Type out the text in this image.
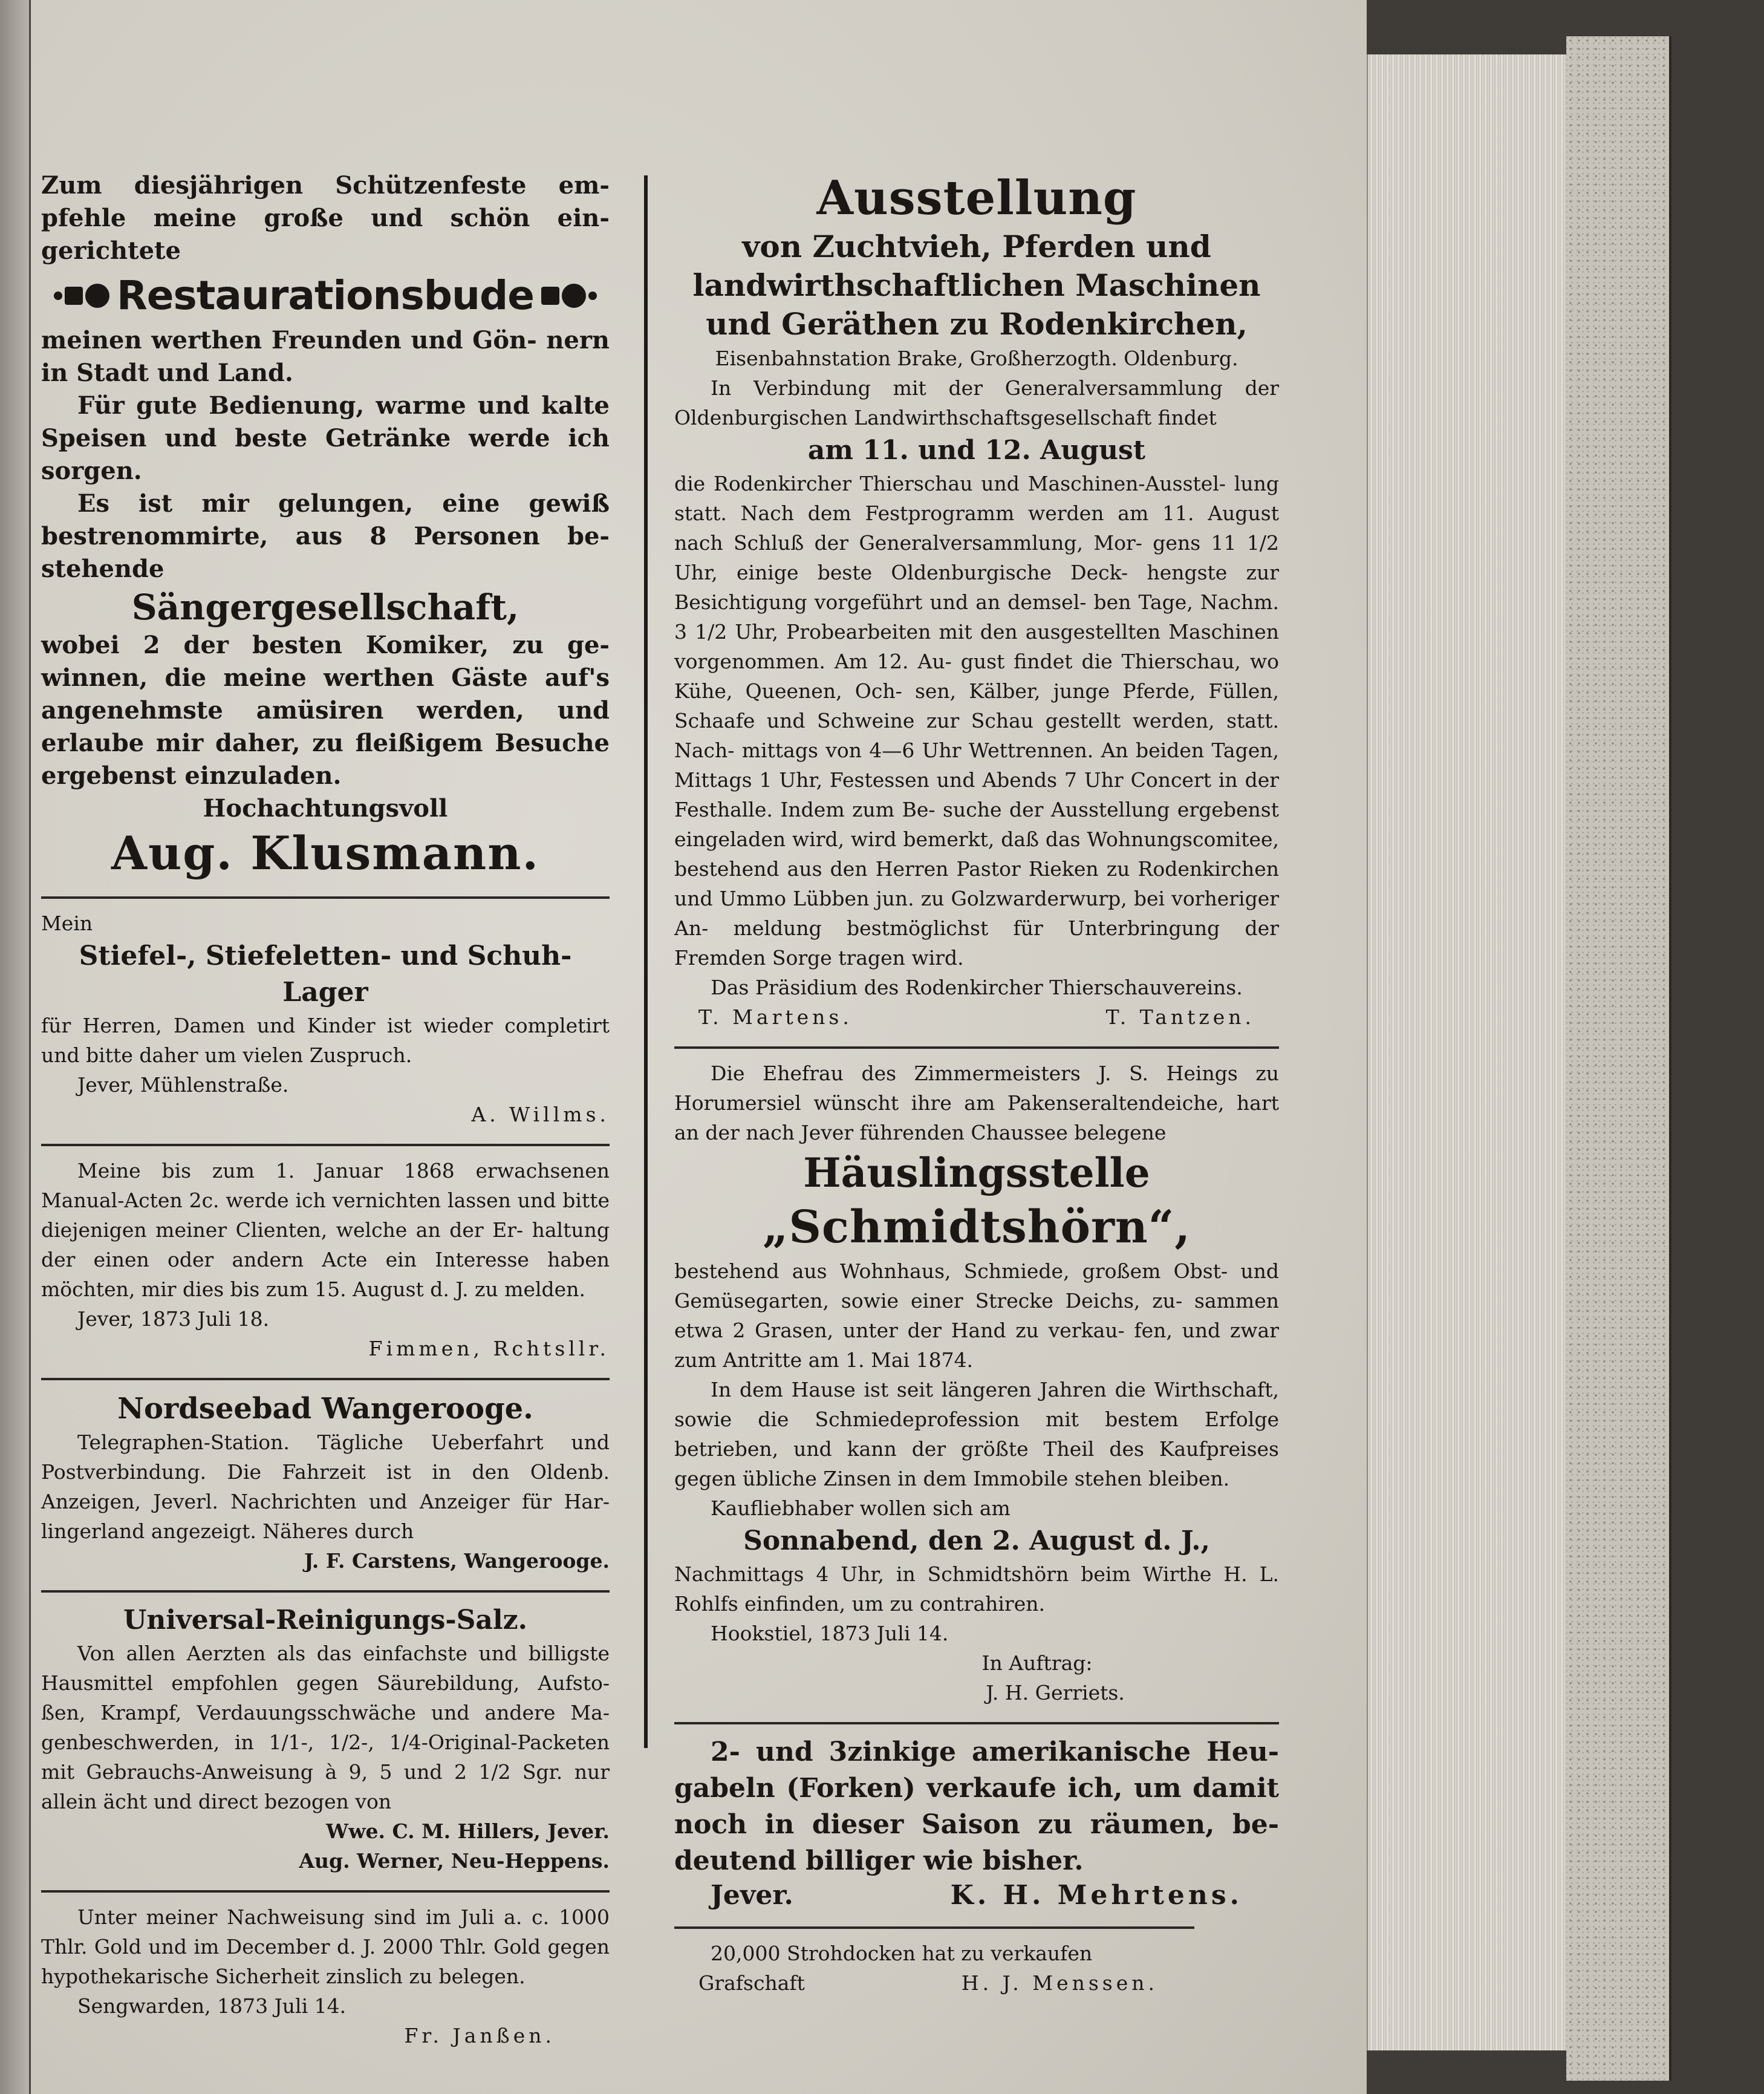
Zum diesjährigen Schützenfeste em- pfehle meine große und schön ein- gerichtete
Restaurationsbude
meinen werthen Freunden und Gön- nern in Stadt und Land.
Für gute Bedienung, warme und kalte Speisen und beste Getränke werde ich sorgen.
Es ist mir gelungen, eine gewiß bestrenommirte, aus 8 Personen be- stehende
Sängergesellschaft,
wobei 2 der besten Komiker, zu ge- winnen, die meine werthen Gäste auf's angenehmste amüsiren werden, und erlaube mir daher, zu fleißigem Besuche ergebenst einzuladen.
Hochachtungsvoll
Aug. Klusmann.
Mein
Stiefel-, Stiefeletten- und Schuh-Lager
für Herren, Damen und Kinder ist wieder completirt und bitte daher um vielen Zuspruch.
Jever, Mühlenstraße.
A. Willms.
Meine bis zum 1. Januar 1868 erwachsenen Manual-Acten 2c. werde ich vernichten lassen und bitte diejenigen meiner Clienten, welche an der Er- haltung der einen oder andern Acte ein Interesse haben möchten, mir dies bis zum 15. August d. J. zu melden.
Jever, 1873 Juli 18.
Fimmen, Rchtsllr.
Nordseebad Wangerooge.
Telegraphen-Station. Tägliche Ueberfahrt und Postverbindung. Die Fahrzeit ist in den Oldenb. Anzeigen, Jeverl. Nachrichten und Anzeiger für Har- lingerland angezeigt. Näheres durch
J. F. Carstens, Wangerooge.
Universal-Reinigungs-Salz.
Von allen Aerzten als das einfachste und billigste Hausmittel empfohlen gegen Säurebildung, Aufsto- ßen, Krampf, Verdauungsschwäche und andere Ma- genbeschwerden, in 1/1-, 1/2-, 1/4-Original-Packeten mit Gebrauchs-Anweisung à 9, 5 und 2 1/2 Sgr. nur allein ächt und direct bezogen von
Wwe. C. M. Hillers, Jever.
Aug. Werner, Neu-Heppens.
Unter meiner Nachweisung sind im Juli a. c. 1000 Thlr. Gold und im December d. J. 2000 Thlr. Gold gegen hypothekarische Sicherheit zinslich zu belegen.
Sengwarden, 1873 Juli 14.
Fr. Janßen.
Ausstellung
von Zuchtvieh, Pferden und landwirthschaftlichen Maschinen und Geräthen zu Rodenkirchen,
Eisenbahnstation Brake, Großherzogth. Oldenburg.
In Verbindung mit der Generalversammlung der Oldenburgischen Landwirthschaftsgesellschaft findet
am 11. und 12. August
die Rodenkircher Thierschau und Maschinen-Ausstel- lung statt. Nach dem Festprogramm werden am 11. August nach Schluß der Generalversammlung, Mor- gens 11 1/2 Uhr, einige beste Oldenburgische Deck- hengste zur Besichtigung vorgeführt und an demsel- ben Tage, Nachm. 3 1/2 Uhr, Probearbeiten mit den ausgestellten Maschinen vorgenommen. Am 12. Au- gust findet die Thierschau, wo Kühe, Queenen, Och- sen, Kälber, junge Pferde, Füllen, Schaafe und Schweine zur Schau gestellt werden, statt. Nach- mittags von 4—6 Uhr Wettrennen. An beiden Tagen, Mittags 1 Uhr, Festessen und Abends 7 Uhr Concert in der Festhalle. Indem zum Be- suche der Ausstellung ergebenst eingeladen wird, wird bemerkt, daß das Wohnungscomitee, bestehend aus den Herren Pastor Rieken zu Rodenkirchen und Ummo Lübben jun. zu Golzwarderwurp, bei vorheriger An- meldung bestmöglichst für Unterbringung der Fremden Sorge tragen wird.
Das Präsidium des Rodenkircher Thierschauvereins.
T. Martens.	T. Tantzen.
Die Ehefrau des Zimmermeisters J. S. Heings zu Horumersiel wünscht ihre am Pakenseraltendeiche, hart an der nach Jever führenden Chaussee belegene
Häuslingsstelle
„Schmidtshörn“,
bestehend aus Wohnhaus, Schmiede, großem Obst- und Gemüsegarten, sowie einer Strecke Deichs, zu- sammen etwa 2 Grasen, unter der Hand zu verkau- fen, und zwar zum Antritte am 1. Mai 1874.
In dem Hause ist seit längeren Jahren die Wirthschaft, sowie die Schmiedeprofession mit bestem Erfolge betrieben, und kann der größte Theil des Kaufpreises gegen übliche Zinsen in dem Immobile stehen bleiben.
Kaufliebhaber wollen sich am
Sonnabend, den 2. August d. J.,
Nachmittags 4 Uhr, in Schmidtshörn beim Wirthe H. L. Rohlfs einfinden, um zu contrahiren.
Hookstiel, 1873 Juli 14.
In Auftrag:
J. H. Gerriets.
2- und 3zinkige amerikanische Heu- gabeln (Forken) verkaufe ich, um damit noch in dieser Saison zu räumen, be- deutend billiger wie bisher.
Jever.	K. H. Mehrtens.
20,000 Strohdocken hat zu verkaufen
Grafschaft	H. J. Menssen.
